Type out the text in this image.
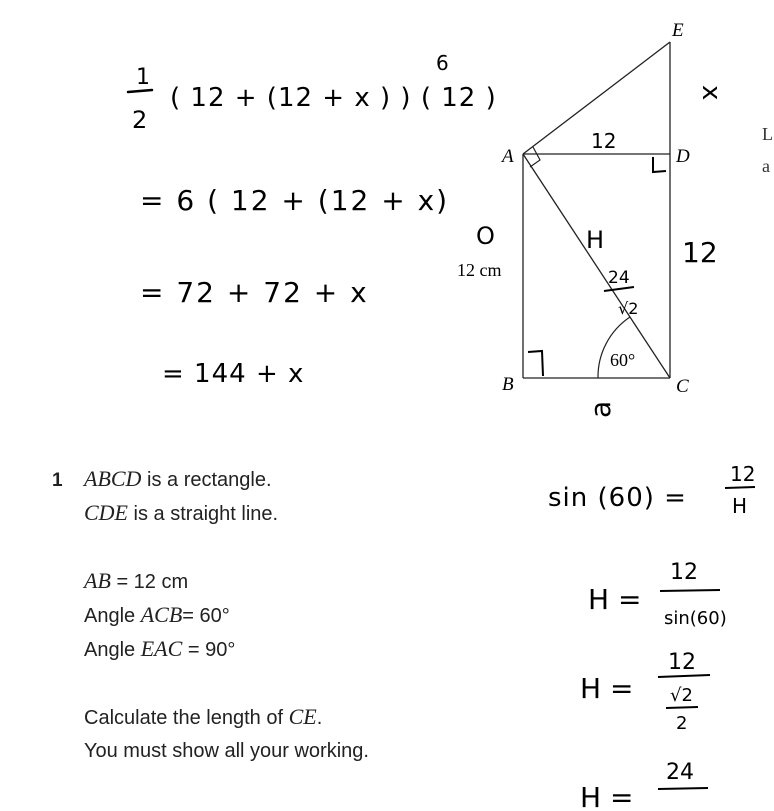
1
2
( 12 + (12 + x ) ) ( 12 )
6
= 6 ( 12 + (12 + x)
= 72 + 72 + x
= 144 + x
E
A	D
B	C
12 cm
60°
12
x
12
O	H
24
√2
a
L
a
1 ABCD is a rectangle.
CDE is a straight line.
AB = 12 cm
Angle ACB= 60°
Angle EAC = 90°
Calculate the length of CE.
You must show all your working.
sin (60) =
12
H
H =
12
sin(60)
H =
12
√2
2
H =
24
